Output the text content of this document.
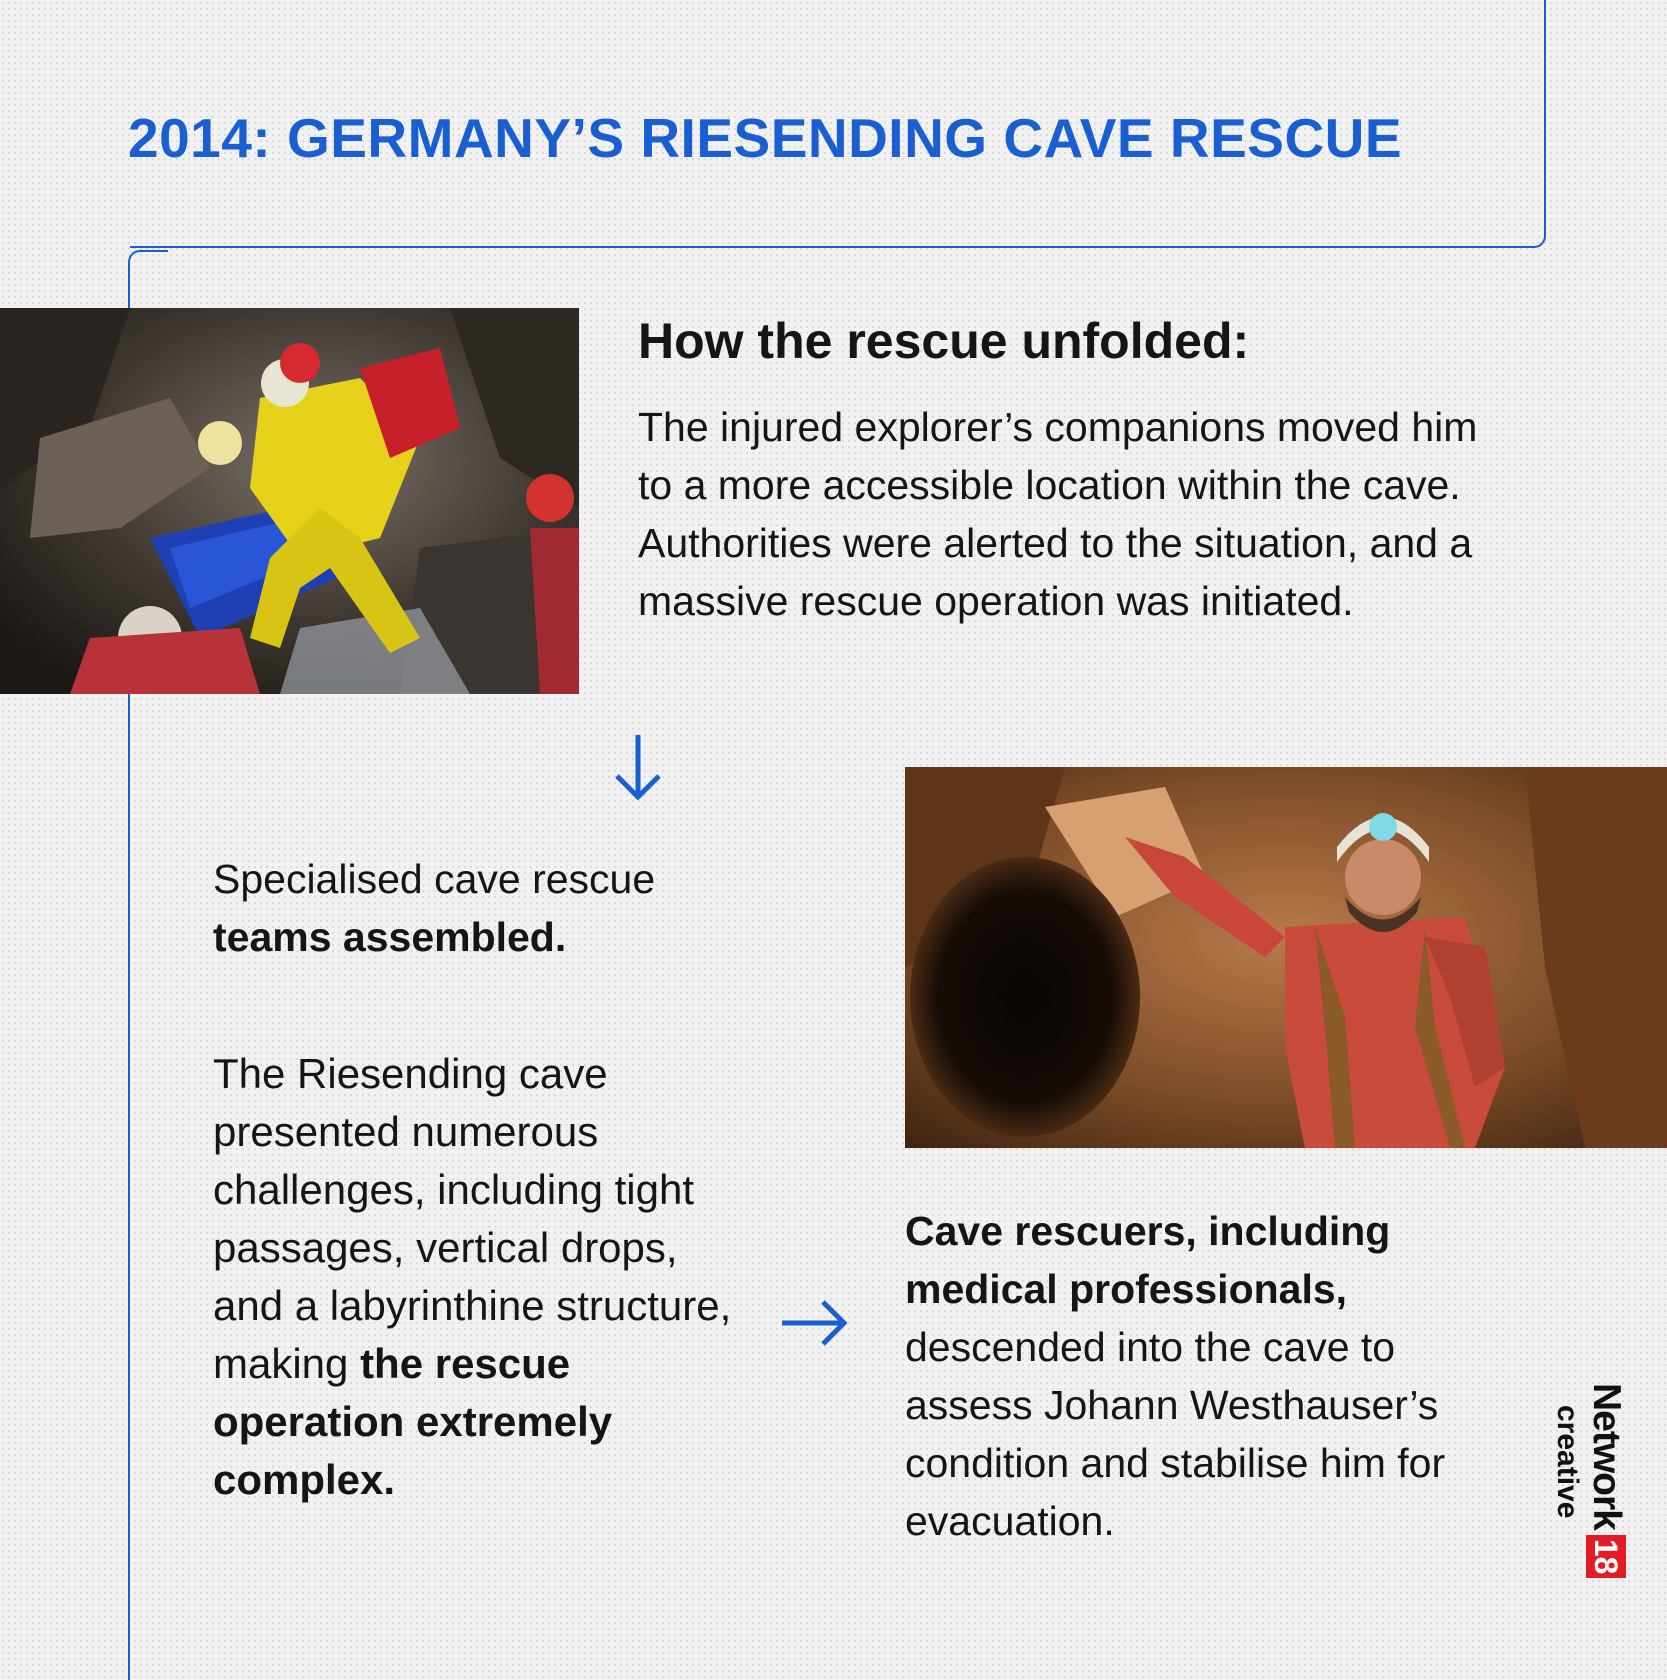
2014: GERMANY’S RIESENDING CAVE RESCUE
How the rescue unfolded:

The injured explorer’s companions moved him to a more accessible location within the cave. Authorities were alerted to the situation, and a massive rescue operation was initiated.

Specialised cave rescue teams assembled.

The Riesending cave presented numerous challenges, including tight passages, vertical drops, and a labyrinthine structure, making the rescue operation extremely complex.

Cave rescuers, including medical professionals, descended into the cave to assess Johann Westhauser’s condition and stabilise him for evacuation.	Network
18
creative
